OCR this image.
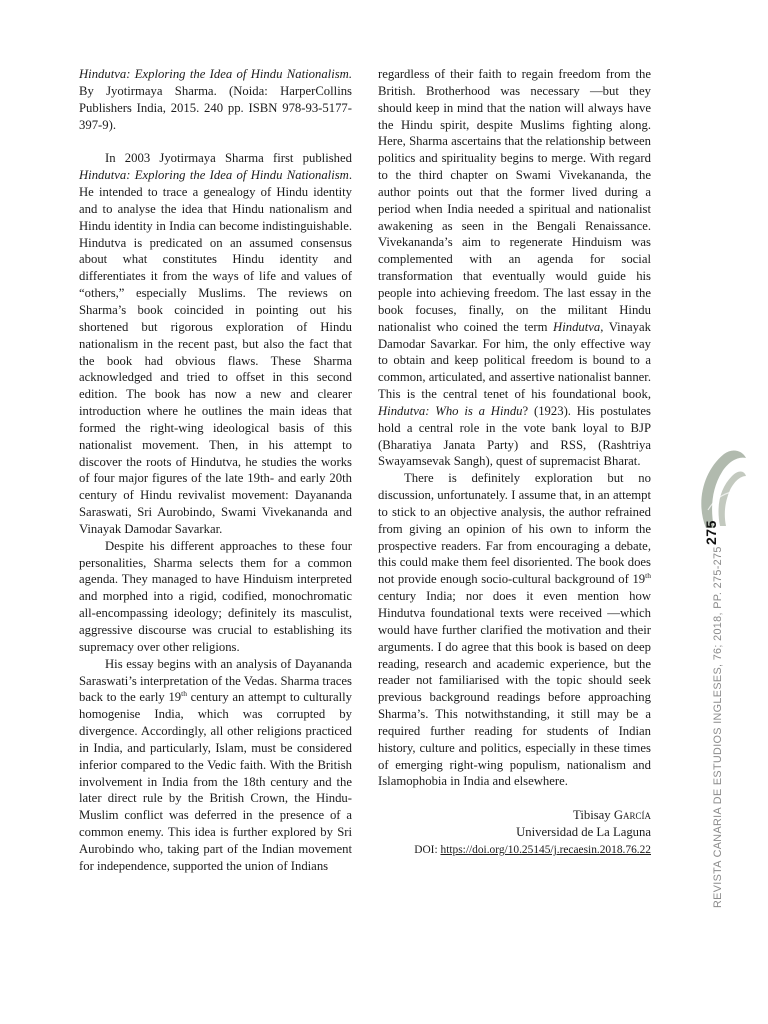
Hindutva: Exploring the Idea of Hindu Nationalism. By Jyotirmaya Sharma. (Noida: HarperCollins Publishers India, 2015. 240 pp. ISBN 978-93-5177-397-9).

In 2003 Jyotirmaya Sharma first published Hindutva: Exploring the Idea of Hindu Nationalism. He intended to trace a genealogy of Hindu identity and to analyse the idea that Hindu nationalism and Hindu identity in India can become indistinguishable. Hindutva is predicated on an assumed consensus about what constitutes Hindu identity and differentiates it from the ways of life and values of “others,” especially Muslims. The reviews on Sharma’s book coincided in pointing out his shortened but rigorous exploration of Hindu nationalism in the recent past, but also the fact that the book had obvious flaws. These Sharma acknowledged and tried to offset in this second edition. The book has now a new and clearer introduction where he outlines the main ideas that formed the right-wing ideological basis of this nationalist movement. Then, in his attempt to discover the roots of Hindutva, he studies the works of four major figures of the late 19th- and early 20th century of Hindu revivalist movement: Dayananda Saraswati, Sri Aurobindo, Swami Vivekananda and Vinayak Damodar Savarkar.

Despite his different approaches to these four personalities, Sharma selects them for a common agenda. They managed to have Hinduism interpreted and morphed into a rigid, codified, monochromatic all-encompassing ideology; definitely its masculist, aggressive discourse was crucial to establishing its supremacy over other religions.

His essay begins with an analysis of Dayananda Saraswati’s interpretation of the Vedas. Sharma traces back to the early 19th century an attempt to culturally homogenise India, which was corrupted by divergence. Accordingly, all other religions practiced in India, and particularly, Islam, must be considered inferior compared to the Vedic faith. With the British involvement in India from the 18th century and the later direct rule by the British Crown, the Hindu-Muslim conflict was deferred in the presence of a common enemy. This idea is further explored by Sri Aurobindo who, taking part of the Indian movement for independence, supported the union of Indians

regardless of their faith to regain freedom from the British. Brotherhood was necessary —but they should keep in mind that the nation will always have the Hindu spirit, despite Muslims fighting along. Here, Sharma ascertains that the relationship between politics and spirituality begins to merge. With regard to the third chapter on Swami Vivekananda, the author points out that the former lived during a period when India needed a spiritual and nationalist awakening as seen in the Bengali Renaissance. Vivekananda’s aim to regenerate Hinduism was complemented with an agenda for social transformation that eventually would guide his people into achieving freedom. The last essay in the book focuses, finally, on the militant Hindu nationalist who coined the term Hindutva, Vinayak Damodar Savarkar. For him, the only effective way to obtain and keep political freedom is bound to a common, articulated, and assertive nationalist banner. This is the central tenet of his foundational book, Hindutva: Who is a Hindu? (1923). His postulates hold a central role in the vote bank loyal to BJP (Bharatiya Janata Party) and RSS, (Rashtriya Swayamsevak Sangh), quest of supremacist Bharat.

There is definitely exploration but no discussion, unfortunately. I assume that, in an attempt to stick to an objective analysis, the author refrained from giving an opinion of his own to inform the prospective readers. Far from encouraging a debate, this could make them feel disoriented. The book does not provide enough socio-cultural background of 19th century India; nor does it even mention how Hindutva foundational texts were received —which would have further clarified the motivation and their arguments. I do agree that this book is based on deep reading, research and academic experience, but the reader not familiarised with the topic should seek previous background readings before approaching Sharma’s. This notwithstanding, it still may be a required further reading for students of Indian history, culture and politics, especially in these times of emerging right-wing populism, nationalism and Islamophobia in India and elsewhere.

Tibisay García

Universidad de La Laguna

DOI: https://doi.org/10.25145/j.recaesin.2018.76.22

275
REVISTA CANARIA DE ESTUDIOS INGLESES, 76; 2018, PP. 275-275
